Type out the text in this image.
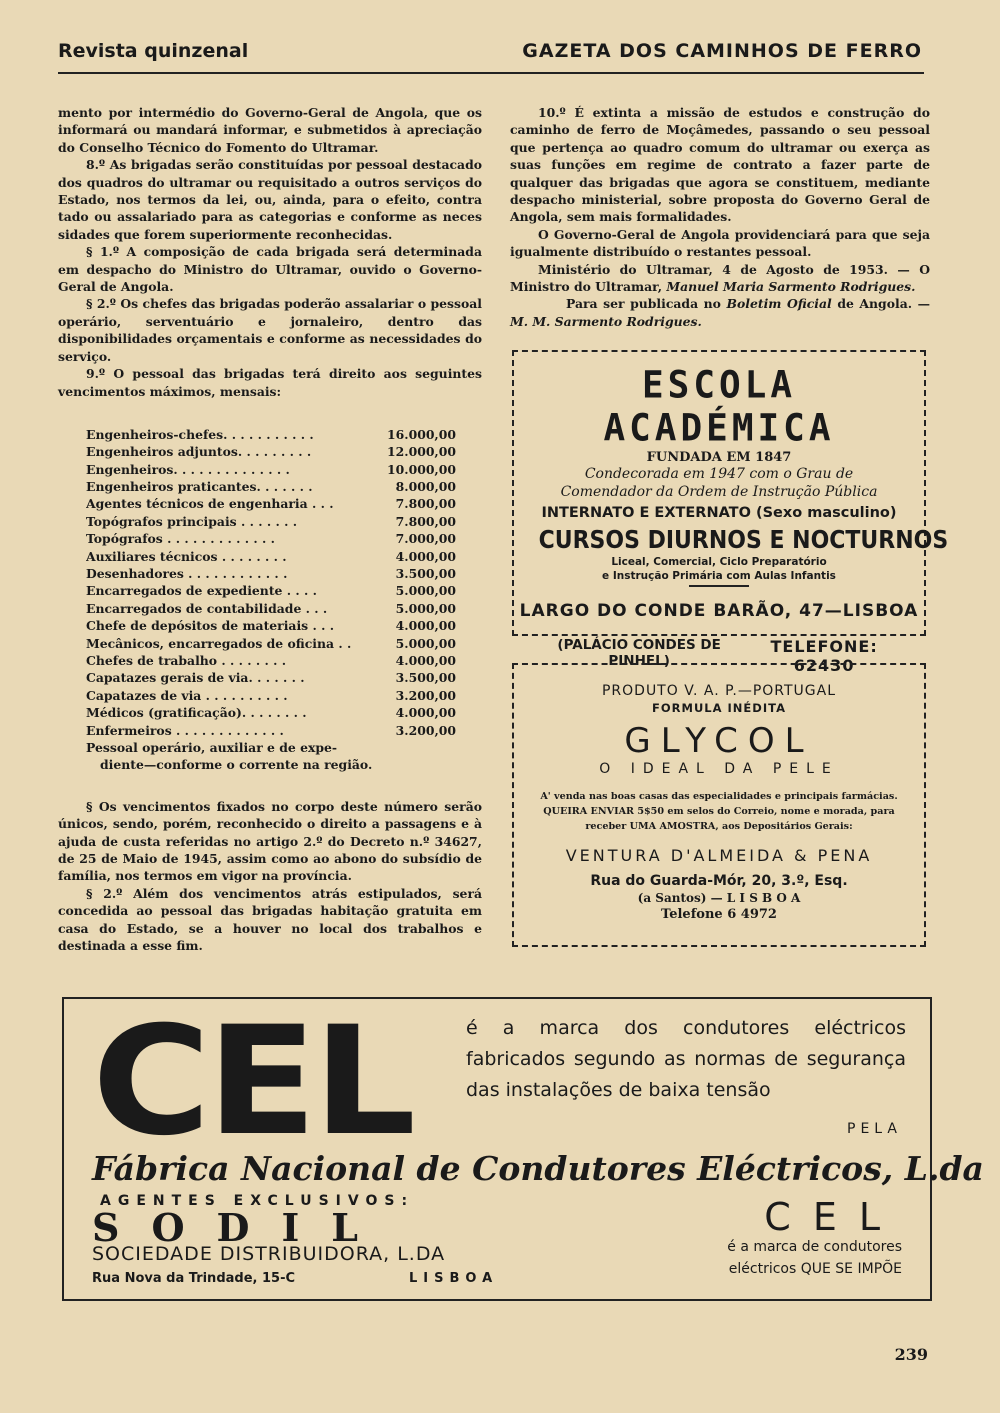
Revista quinzenal	GAZETA DOS CAMINHOS DE FERRO

mento por intermédio do Governo-Geral de Angola, que os informará ou mandará informar, e submetidos à apreciação do Conselho Técnico do Fomento do Ultramar.

8.º As brigadas serão constituídas por pessoal destacado dos quadros do ultramar ou requisitado a outros serviços do Estado, nos termos da lei, ou, ainda, para o efeito, contra tado ou assalariado para as categorias e conforme as neces sidades que forem superiormente reconhecidas.

§ 1.º A composição de cada brigada será determinada em despacho do Ministro do Ultramar, ouvido o Governo-Geral de Angola.

§ 2.º Os chefes das brigadas poderão assalariar o pessoal operário, serventuário e jornaleiro, dentro das disponibilidades orçamentais e conforme as necessidades do serviço.

9.º O pessoal das brigadas terá direito aos seguintes vencimentos máximos, mensais:

Engenheiros-chefes. . . . . . . . . . .	16.000,00
Engenheiros adjuntos. . . . . . . . .	12.000,00
Engenheiros. . . . . . . . . . . . . .	10.000,00
Engenheiros praticantes. . . . . . .	8.000,00
Agentes técnicos de engenharia . . .	7.800,00
Topógrafos principais . . . . . . .	7.800,00
Topógrafos . . . . . . . . . . . . .	7.000,00
Auxiliares técnicos . . . . . . . .	4.000,00
Desenhadores . . . . . . . . . . . .	3.500,00
Encarregados de expediente . . . .	5.000,00
Encarregados de contabilidade . . .	5.000,00
Chefe de depósitos de materiais . . .	4.000,00
Mecânicos, encarregados de oficina . .	5.000,00
Chefes de trabalho . . . . . . . .	4.000,00
Capatazes gerais de via. . . . . . .	3.500,00
Capatazes de via . . . . . . . . . .	3.200,00
Médicos (gratificação). . . . . . . .	4.000,00
Enfermeiros . . . . . . . . . . . . .	3.200,00
Pessoal operário, auxiliar e de expe-
diente—conforme o corrente na região.

§ Os vencimentos fixados no corpo deste número serão únicos, sendo, porém, reconhecido o direito a passagens e à ajuda de custa referidas no artigo 2.º do Decreto n.º 34627, de 25 de Maio de 1945, assim como ao abono do subsídio de família, nos termos em vigor na província.

§ 2.º Além dos vencimentos atrás estipulados, será concedida ao pessoal das brigadas habitação gratuita em casa do Estado, se a houver no local dos trabalhos e destinada a esse fim.

10.º É extinta a missão de estudos e construção do caminho de ferro de Moçâmedes, passando o seu pessoal que pertença ao quadro comum do ultramar ou exerça as suas funções em regime de contrato a fazer parte de qualquer das brigadas que agora se constituem, mediante despacho ministerial, sobre proposta do Governo Geral de Angola, sem mais formalidades.

O Governo-Geral de Angola providenciará para que seja igualmente distribuído o restantes pessoal.

Ministério do Ultramar, 4 de Agosto de 1953. — O Ministro do Ultramar, Manuel Maria Sarmento Rodrigues.

Para ser publicada no Boletim Oficial de Angola. — M. M. Sarmento Rodrigues.

ESCOLA ACADÉMICA
FUNDADA EM 1847
Condecorada em 1947 com o Grau de
Comendador da Ordem de Instrução Pública
INTERNATO E EXTERNATO (Sexo masculino)
CURSOS DIURNOS E NOCTURNOS
Liceal, Comercial, Ciclo Preparatório
e Instrução Primária com Aulas Infantis
LARGO DO CONDE BARÃO, 47—LISBOA
(PALÁCIO CONDES DE PINHEL)
TELEFONE: 62430
PRODUTO V. A. P.—PORTUGAL
FORMULA INÉDITA
GLYCOL
O IDEAL DA PELE
A' venda nas boas casas das especialidades e principais farmácias. QUEIRA ENVIAR 5$50 em selos do Correio, nome e morada, para receber UMA AMOSTRA, aos Depositários Gerais:
VENTURA D'ALMEIDA & PENA
Rua do Guarda-Mór, 20, 3.º, Esq.
(a Santos) — L I S B O A
Telefone 6 4972
CEL	é a marca dos condutores eléctricos fabricados segundo as normas de segurança das instalações de baixa tensão
PELA
Fábrica Nacional de Condutores Eléctricos, L.da
AGENTES EXCLUSIVOS:
SODIL
SOCIEDADE DISTRIBUIDORA, L.DA
Rua Nova da Trindade, 15-C	LISBOA
CEL
é a marca de condutores
eléctricos QUE SE IMPÕE
239
